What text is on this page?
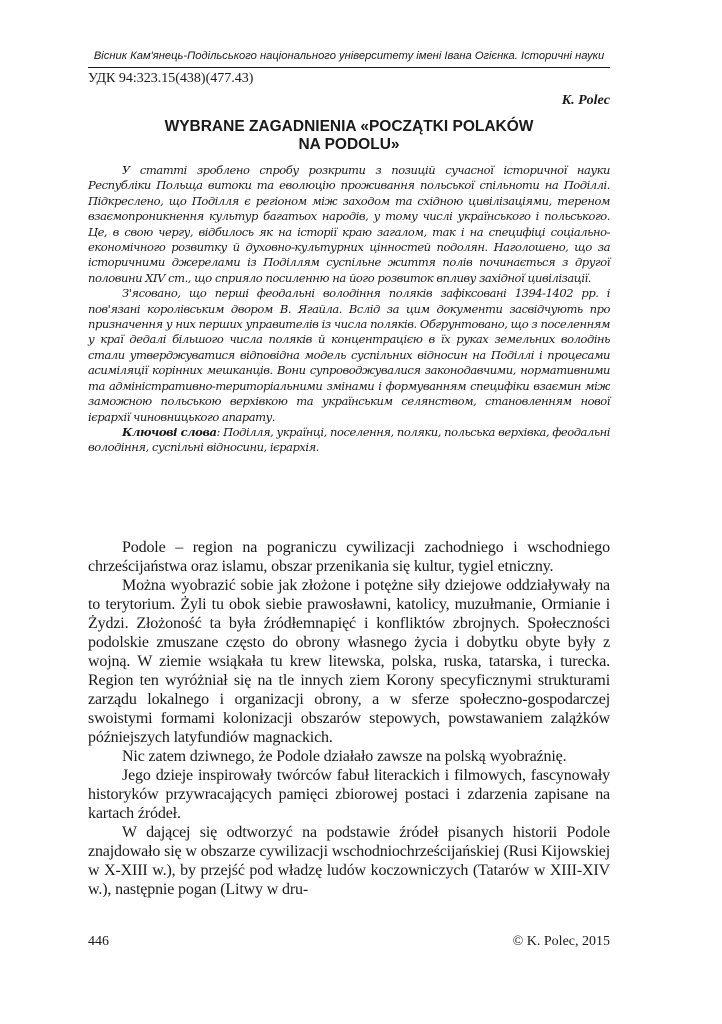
Вісник Кам'янець-Подільського національного університету імені Івана Огієнка. Історичні науки
УДК 94:323.15(438)(477.43)
K. Polec
WYBRANE ZAGADNIENIA «POCZĄTKI POLAKÓW
NA PODOLU»

У статті зроблено спробу розкрити з позицій сучасної історичної науки Республіки Польща витоки та еволюцію проживання польської спільноти на Поділлі. Підкреслено, що Поділля є регіоном між заходом та східною цивілізаціями, тереном взаємопроникнення культур багатьох народів, у тому числі українського і польського. Це, в свою чергу, відбилось як на історії краю загалом, так і на специфіці соціально-економічного розвитку й духовно-культурних цінностей подолян. Наголошено, що за історичними джерелами із Подiллям суспільне життя полів починається з другої половини XIV ст., що сприяло посиленню на його розвиток впливу західної цивілізації.

З'ясовано, що перші феодальні володіння поляків зафіксовані 1394-1402 рр. і пов'язані королівським двором В. Ягайла. Вслід за цим документи засвідчують про призначення у них перших управителів із числа поляків. Обгрунтовано, що з поселенням у краї дедалі більшого числа поляків й концентрацією в їх руках земельних володінь стали утверджуватися відповідна модель суспільних відносин на Поділлі і процесами асиміляції корінних мешканців. Вони супроводжувалися законодавчими, нормативними та адміністративно-територіальними змінами і формуванням специфіки взаємин між заможною польською верхівкою та українським селянством, становленням нової ієрархії чиновницького апарату.

Ключові слова: Поділля, українці, поселення, поляки, польська верхівка, феодальні володіння, суспільні відносини, ієрархія.

Podole – region na pograniczu cywilizacji zachodniego i wschodniego chrześcijaństwa oraz islamu, obszar przenikania się kultur, tygiel etniczny.

Można wyobrazić sobie jak złożone i potężne siły dziejowe oddziaływały na to terytorium. Żyli tu obok siebie prawosławni, katolicy, muzułmanie, Ormianie i Żydzi. Złożoność ta była źródłemnapięć i konfliktów zbrojnych. Społeczności podolskie zmuszane często do obrony własnego życia i dobytku obyte były z wojną. W ziemie wsiąkała tu krew litewska, polska, ruska, tatarska, i turecka. Region ten wyróżniał się na tle innych ziem Korony specyficznymi strukturami zarządu lokalnego i organizacji obrony, a w sferze społeczno-gospodarczej swoistymi formami kolonizacji obszarów stepowych, powstawaniem zalążków późniejszych latyfundiów magnackich.

Nic zatem dziwnego, że Podole działało zawsze na polską wyobraźnię.

Jego dzieje inspirowały twórców fabuł literackich i filmowych, fascynowały historyków przywracających pamięci zbiorowej postaci i zdarzenia zapisane na kartach źródeł.

W dającej się odtworzyć na podstawie źródeł pisanych historii Podole znajdowało się w obszarze cywilizacji wschodniochrześcijańskiej (Rusi Kijowskiej w X-XIII w.), by przejść pod władzę ludów koczowniczych (Tatarów w XIII-XIV w.), następnie pogan (Litwy w dru-

446	© K. Polec, 2015
